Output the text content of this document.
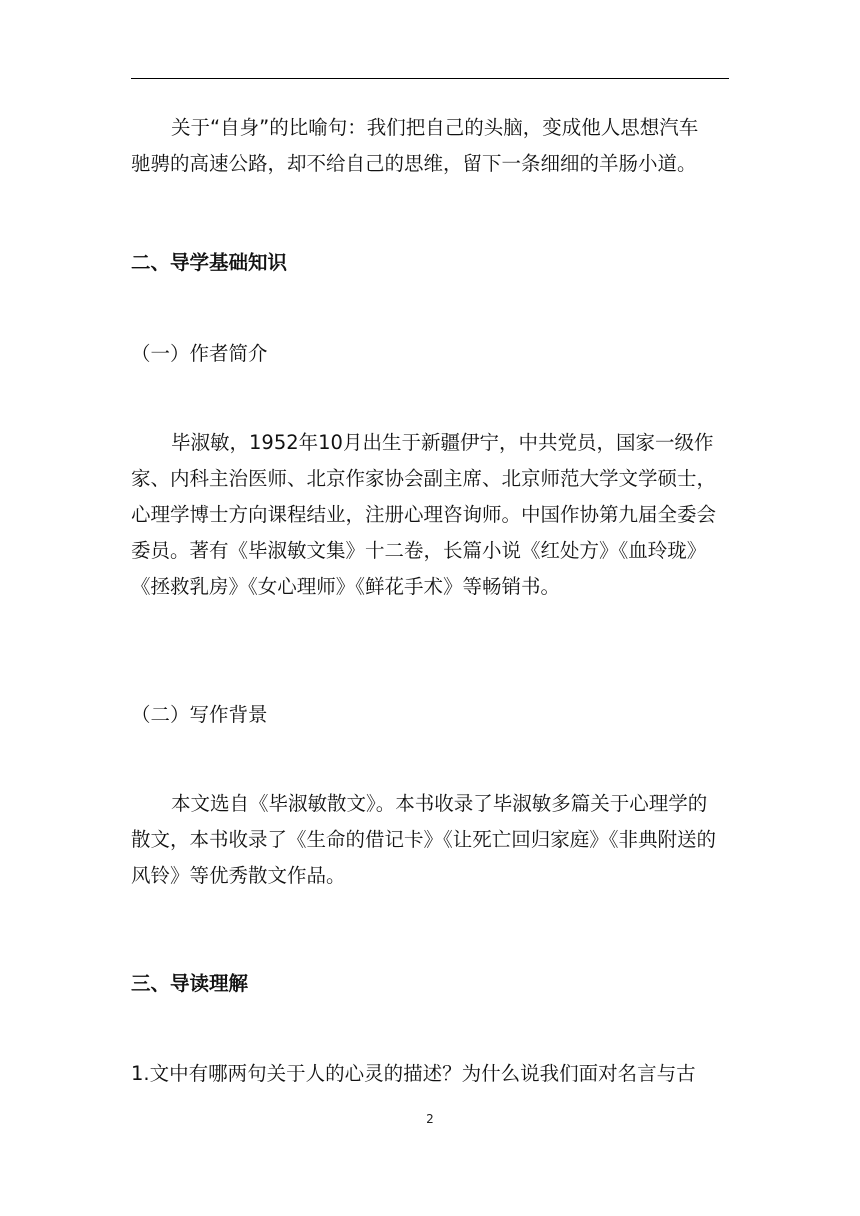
关于“自身”的比喻句：我们把自己的头脑，变成他人思想汽车
驰骋的高速公路，却不给自己的思维，留下一条细细的羊肠小道。

二、导学基础知识

（一）作者简介

毕淑敏，1952年10月出生于新疆伊宁，中共党员，国家一级作
家、内科主治医师、北京作家协会副主席、北京师范大学文学硕士，
心理学博士方向课程结业，注册心理咨询师。中国作协第九届全委会
委员。著有《毕淑敏文集》十二卷，长篇小说《红处方》《血玲珑》
《拯救乳房》《女心理师》《鲜花手术》等畅销书。

（二）写作背景

本文选自《毕淑敏散文》。本书收录了毕淑敏多篇关于心理学的
散文，本书收录了《生命的借记卡》《让死亡回归家庭》《非典附送的
风铃》等优秀散文作品。

三、导读理解

1.文中有哪两句关于人的心灵的描述？为什么说我们面对名言与古

2
